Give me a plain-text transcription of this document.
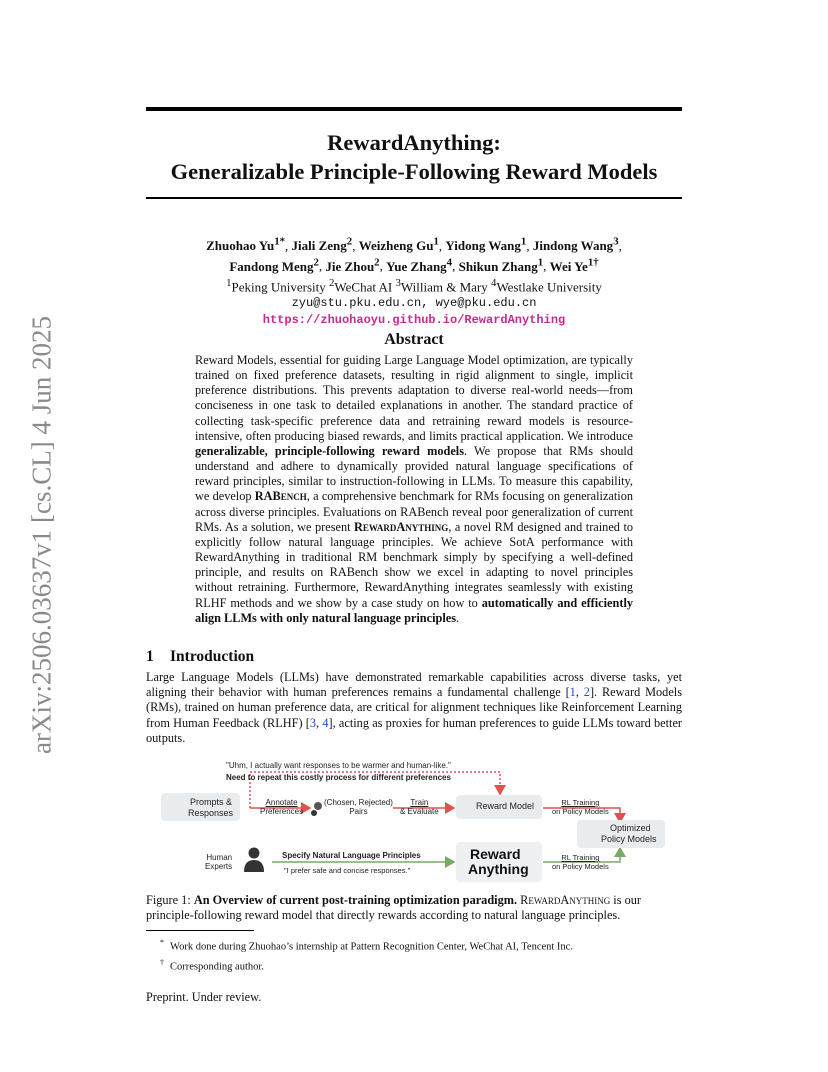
arXiv:2506.03637v1 [cs.CL] 4 Jun 2025
RewardAnything:
Generalizable Principle-Following Reward Models
Zhuohao $Yu^{1*}$, Jiali Zeng$^2$, Weizheng Gu$^1$, Yidong Wang$^1$, Jindong Wang$^3$,
Fandong Meng$^2$, Jie Zhou$^2$, Yue Zhang$^4$, Shikun Zhang$^1$, Wei $Ye^{1\dagger}$
$^1$Peking University $^2$WeChat AI $^3$William & Mary $^4$Westlake University
zyu@stu.pku.edu.cn, wye@pku.edu.cn
https://zhuohaoyu.github.io/RewardAnything
Abstract

Reward Models, essential for guiding Large Language Model optimization, are typically trained on fixed preference datasets, resulting in rigid alignment to single, implicit preference distributions. This prevents adaptation to diverse real-world needs—from conciseness in one task to detailed explanations in another. The standard practice of collecting task-specific preference data and retraining reward models is resource-intensive, often producing biased rewards, and limits practical application. We introduce generalizable, principle-following reward models. We propose that RMs should understand and adhere to dynamically provided natural language specifications of reward principles, similar to instruction-following in LLMs. To measure this capability, we develop RABench, a comprehensive benchmark for RMs focusing on generalization across diverse principles. Evaluations on RABench reveal poor generalization of current RMs. As a solution, we present RewardAnything, a novel RM designed and trained to explicitly follow natural language principles. We achieve SotA performance with RewardAnything in traditional RM benchmark simply by specifying a well-defined principle, and results on RABench show we excel in adapting to novel principles without retraining. Furthermore, RewardAnything integrates seamlessly with existing RLHF methods and we show by a case study on how to automatically and efficiently align LLMs with only natural language principles.

1 Introduction
Large Language Models (LLMs) have demonstrated remarkable capabilities across diverse tasks, yet aligning their behavior with human preferences remains a fundamental challenge [1, 2]. Reward Models (RMs), trained on human preference data, are critical for alignment techniques like Reinforcement Learning from Human Feedback (RLHF) [3, 4], acting as proxies for human preferences to guide LLMs toward better outputs.
"Uhm, I actually want responses to be warmer and human-like."
Need to repeat this costly process for different preferences
Prompts &
Responses
Annotate
Preferences
(Chosen, Rejected)
Pairs
Train
& Evaluate
Reward Model	RL Training
on Policy Models
Optimized
Policy Models
Human
Experts
Specify Natural Language Principles
"I prefer safe and concise responses."
Reward
Anything
RL Training
on Policy Models
Figure 1: An Overview of current post-training optimization paradigm. RewardAnything is our principle-following reward model that directly rewards according to natural language principles.
* Work done during Zhuohao’s internship at Pattern Recognition Center, WeChat AI, Tencent Inc.
† Corresponding author.
Preprint. Under review.
